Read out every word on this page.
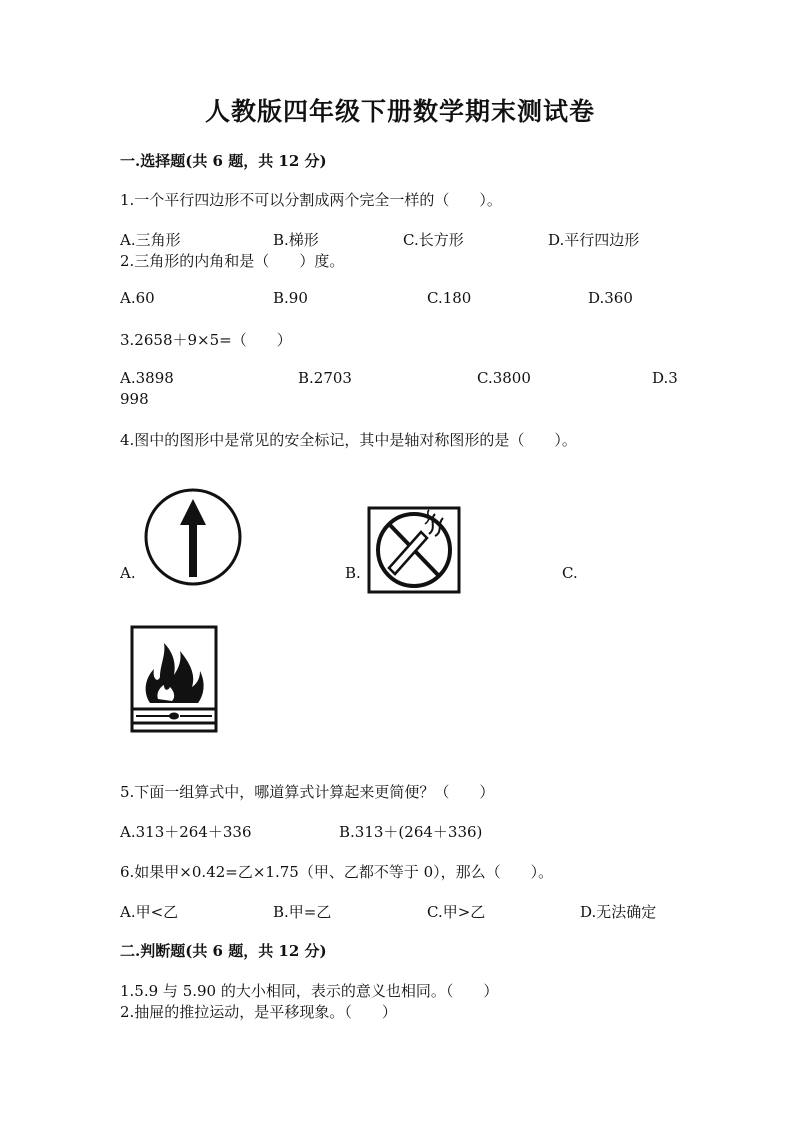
人教版四年级下册数学期末测试卷
一.选择题(共 6 题，共 12 分)
1.一个平行四边形不可以分割成两个完全一样的（　　）。
A.三角形	B.梯形	C.长方形	D.平行四边形
2.三角形的内角和是（　　）度。
A.60	B.90	C.180	D.360
3.2658＋9×5=（　　）
A.3898	B.2703	C.3800	D.3
998
4.图中的图形中是常见的安全标记，其中是轴对称图形的是（　　）。
A.	B.	C.
5.下面一组算式中，哪道算式计算起来更简便？（　　）
A.313＋264＋336	B.313＋(264＋336)
6.如果甲×0.42=乙×1.75（甲、乙都不等于 0），那么（　　）。
A.甲<乙	B.甲=乙	C.甲>乙	D.无法确定
二.判断题(共 6 题，共 12 分)
1.5.9 与 5.90 的大小相同，表示的意义也相同。（　　）
2.抽屉的推拉运动，是平移现象。（　　）
